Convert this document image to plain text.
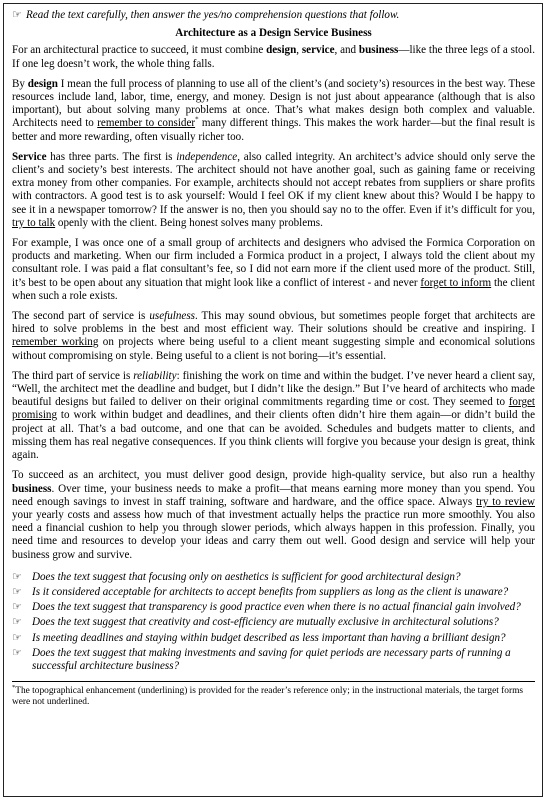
☞ Read the text carefully, then answer the yes/no comprehension questions that follow.

Architecture as a Design Service Business

For an architectural practice to succeed, it must combine design, service, and business—like the three legs of a stool. If one leg doesn’t work, the whole thing falls.

By design I mean the full process of planning to use all of the client’s (and society’s) resources in the best way. These resources include land, labor, time, energy, and money. Design is not just about appearance (although that is also important), but about solving many problems at once. That’s what makes design both complex and valuable. Architects need to remember to consider* many different things. This makes the work harder—but the final result is better and more rewarding, often visually richer too.

Service has three parts. The first is independence, also called integrity. An architect’s advice should only serve the client’s and society’s best interests. The architect should not have another goal, such as gaining fame or receiving extra money from other companies. For example, architects should not accept rebates from suppliers or share profits with contractors. A good test is to ask yourself: Would I feel OK if my client knew about this? Would I be happy to see it in a newspaper tomorrow? If the answer is no, then you should say no to the offer. Even if it’s difficult for you, try to talk openly with the client. Being honest solves many problems.

For example, I was once one of a small group of architects and designers who advised the Formica Corporation on products and marketing. When our firm included a Formica product in a project, I always told the client about my consultant role. I was paid a flat consultant’s fee, so I did not earn more if the client used more of the product. Still, it’s best to be open about any situation that might look like a conflict of interest - and never forget to inform the client when such a role exists.

The second part of service is usefulness. This may sound obvious, but sometimes people forget that architects are hired to solve problems in the best and most efficient way. Their solutions should be creative and inspiring. I remember working on projects where being useful to a client meant suggesting simple and economical solutions without compromising on style. Being useful to a client is not boring—it’s essential.

The third part of service is reliability: finishing the work on time and within the budget. I’ve never heard a client say, “Well, the architect met the deadline and budget, but I didn’t like the design.” But I’ve heard of architects who made beautiful designs but failed to deliver on their original commitments regarding time or cost. They seemed to forget promising to work within budget and deadlines, and their clients often didn’t hire them again—or didn’t build the project at all. That’s a bad outcome, and one that can be avoided. Schedules and budgets matter to clients, and missing them has real negative consequences. If you think clients will forgive you because your design is great, think again.

To succeed as an architect, you must deliver good design, provide high-quality service, but also run a healthy business. Over time, your business needs to make a profit—that means earning more money than you spend. You need enough savings to invest in staff training, software and hardware, and the office space. Always try to review your yearly costs and assess how much of that investment actually helps the practice run more smoothly. You also need a financial cushion to help you through slower periods, which always happen in this profession. Finally, you need time and resources to develop your ideas and carry them out well. Good design and service will help your business grow and survive.

☞ Does the text suggest that focusing only on aesthetics is sufficient for good architectural design?
☞ Is it considered acceptable for architects to accept benefits from suppliers as long as the client is unaware?
☞ Does the text suggest that transparency is good practice even when there is no actual financial gain involved?
☞ Does the text suggest that creativity and cost-efficiency are mutually exclusive in architectural solutions?
☞ Is meeting deadlines and staying within budget described as less important than having a brilliant design?
☞ Does the text suggest that making investments and saving for quiet periods are necessary parts of running a successful architecture business?

*The topographical enhancement (underlining) is provided for the reader’s reference only; in the instructional materials, the target forms were not underlined.
